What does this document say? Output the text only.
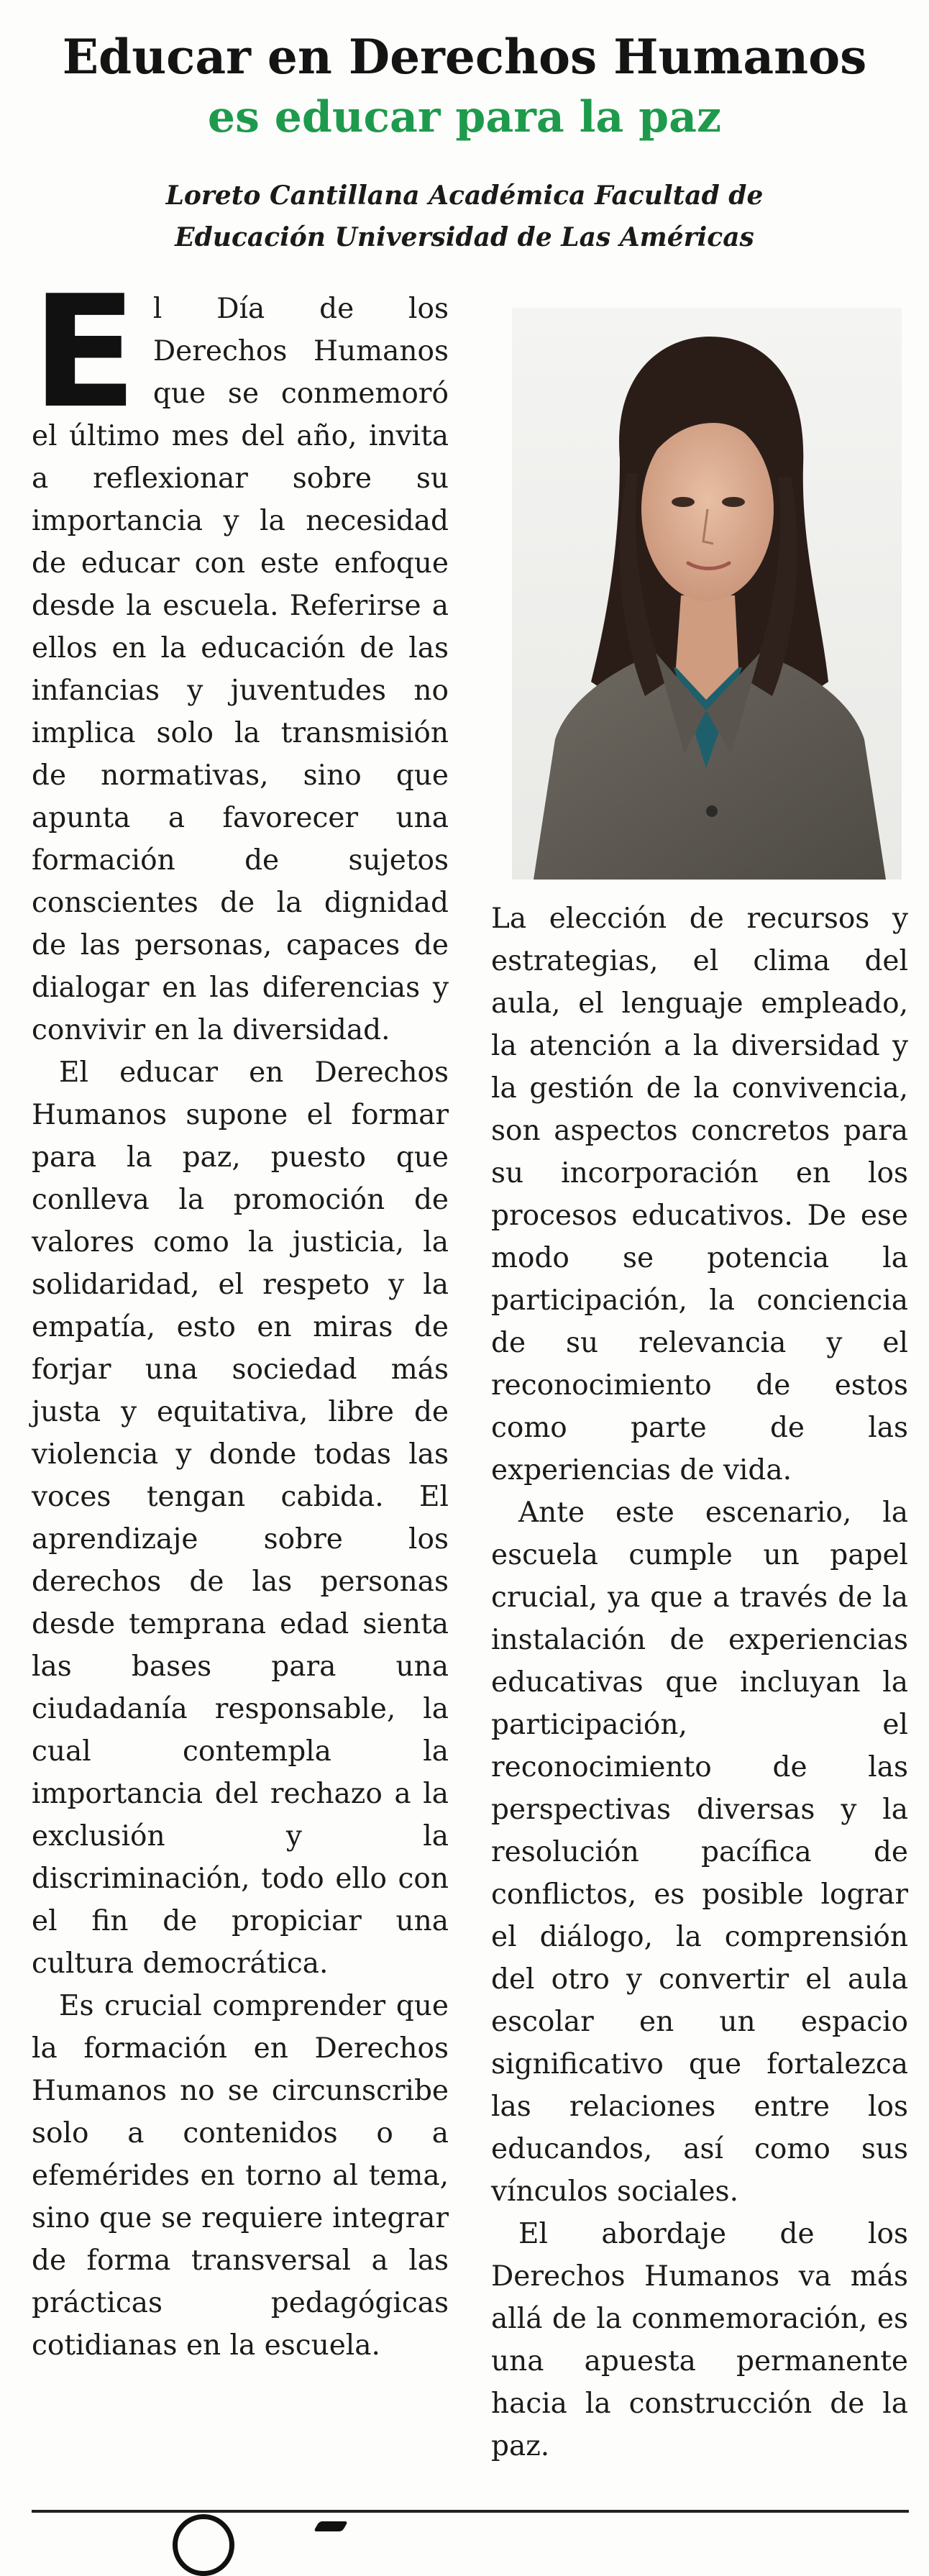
Educar en Derechos Humanos
es educar para la paz
Loreto Cantillana Académica Facultad de
Educación Universidad de Las Américas

El Día de los Derechos Humanos que se conmemoró el último mes del año, invita a reflexionar sobre su importancia y la necesidad de educar con este enfoque desde la escuela. Referirse a ellos en la educación de las infancias y juventudes no implica solo la transmisión de normativas, sino que apunta a favorecer una formación de sujetos conscientes de la dignidad de las personas, capaces de dialogar en las diferencias y convivir en la diversidad.

El educar en Derechos Humanos supone el formar para la paz, puesto que conlleva la promoción de valores como la justicia, la solidaridad, el respeto y la empatía, esto en miras de forjar una sociedad más justa y equitativa, libre de violencia y donde todas las voces tengan cabida. El aprendizaje sobre los derechos de las personas desde temprana edad sienta las bases para una ciudadanía responsable, la cual contempla la importancia del rechazo a la exclusión y la discriminación, todo ello con el fin de propiciar una cultura democrática.

Es crucial comprender que la formación en Derechos Humanos no se circunscribe solo a contenidos o a efemérides en torno al tema, sino que se requiere integrar de forma transversal a las prácticas pedagógicas cotidianas en la escuela.

La elección de recursos y estrategias, el clima del aula, el lenguaje empleado, la atención a la diversidad y la gestión de la convivencia, son aspectos concretos para su incorporación en los procesos educativos. De ese modo se potencia la participación, la conciencia de su relevancia y el reconocimiento de estos como parte de las experiencias de vida.

Ante este escenario, la escuela cumple un papel crucial, ya que a través de la instalación de experiencias educativas que incluyan la participación, el reconocimiento de las perspectivas diversas y la resolución pacífica de conflictos, es posible lograr el diálogo, la comprensión del otro y convertir el aula escolar en un espacio significativo que fortalezca las relaciones entre los educandos, así como sus vínculos sociales.

El abordaje de los Derechos Humanos va más allá de la conmemoración, es una apuesta permanente hacia la construcción de la paz.
